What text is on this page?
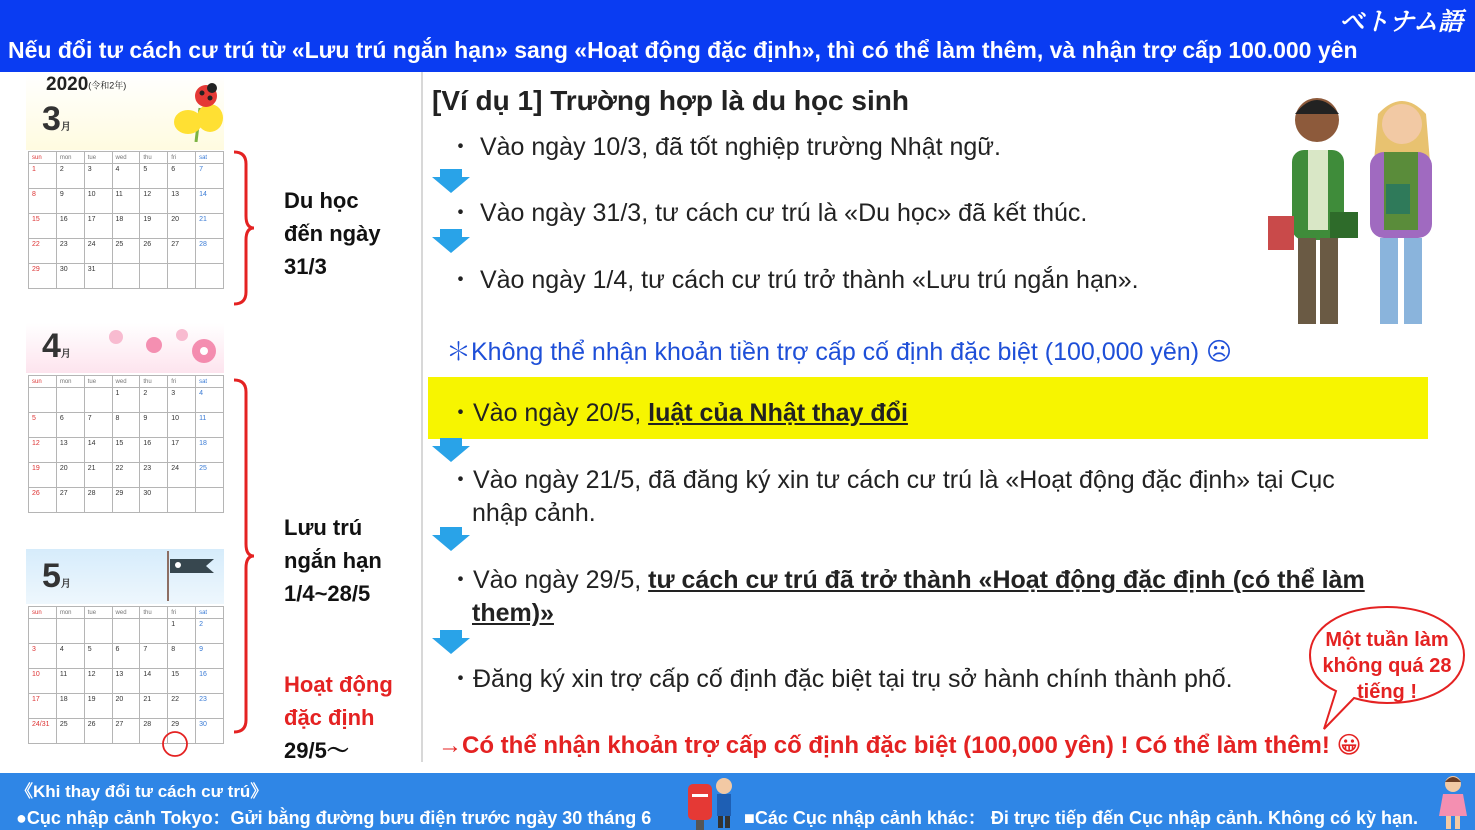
ベトナム語
Nếu đổi tư cách cư trú từ «Lưu trú ngắn hạn» sang «Hoạt động đặc định», thì có thể làm thêm, và nhận trợ cấp 100.000 yên
2020(令和2年)
3月
sun	mon	tue	wed	thu	fri	sat
1	2	3	4	5	6	7
8	9	10	11	12	13	14
15	16	17	18	19	20	21
22	23	24	25	26	27	28
29	30	31				
4月
sun	mon	tue	wed	thu	fri	sat
			1	2	3	4
5	6	7	8	9	10	11
12	13	14	15	16	17	18
19	20	21	22	23	24	25
26	27	28	29	30		
5月
sun	mon	tue	wed	thu	fri	sat
					1	2
3	4	5	6	7	8	9
10	11	12	13	14	15	16
17	18	19	20	21	22	23
24/31	25	26	27	28	29	30
Du học
đến ngày
31/3
Lưu trú
ngắn hạn
1/4~28/5
Hoạt động
đặc định
29/5〜
[Ví dụ 1] Trường hợp là du học sinh
・ Vào ngày 10/3, đã tốt nghiệp trường Nhật ngữ.
・ Vào ngày 31/3, tư cách cư trú là «Du học» đã kết thúc.
・ Vào ngày 1/4, tư cách cư trú trở thành «Lưu trú ngắn hạn».
＊Không thể nhận khoản tiền trợ cấp cố định đặc biệt (100,000 yên) ☹
・Vào ngày 20/5, luật của Nhật thay đổi
・Vào ngày 21/5, đã đăng ký xin tư cách cư trú là «Hoạt động đặc định» tại Cục
nhập cảnh.
・Vào ngày 29/5, tư cách cư trú đã trở thành «Hoạt động đặc định (có thể làm
them)»
・Đăng ký xin trợ cấp cố định đặc biệt tại trụ sở hành chính thành phố.
→Có thể nhận khoản trợ cấp cố định đặc biệt (100,000 yên) ! Có thể làm thêm! 😀
Một tuần làm
không quá 28
tiếng !
《Khi thay đổi tư cách cư trú》
●Cục nhập cảnh Tokyo：Gửi bằng đường bưu điện trước ngày 30 tháng 6	■Các Cục nhập cảnh khác： Đi trực tiếp đến Cục nhập cảnh. Không có kỳ hạn.
